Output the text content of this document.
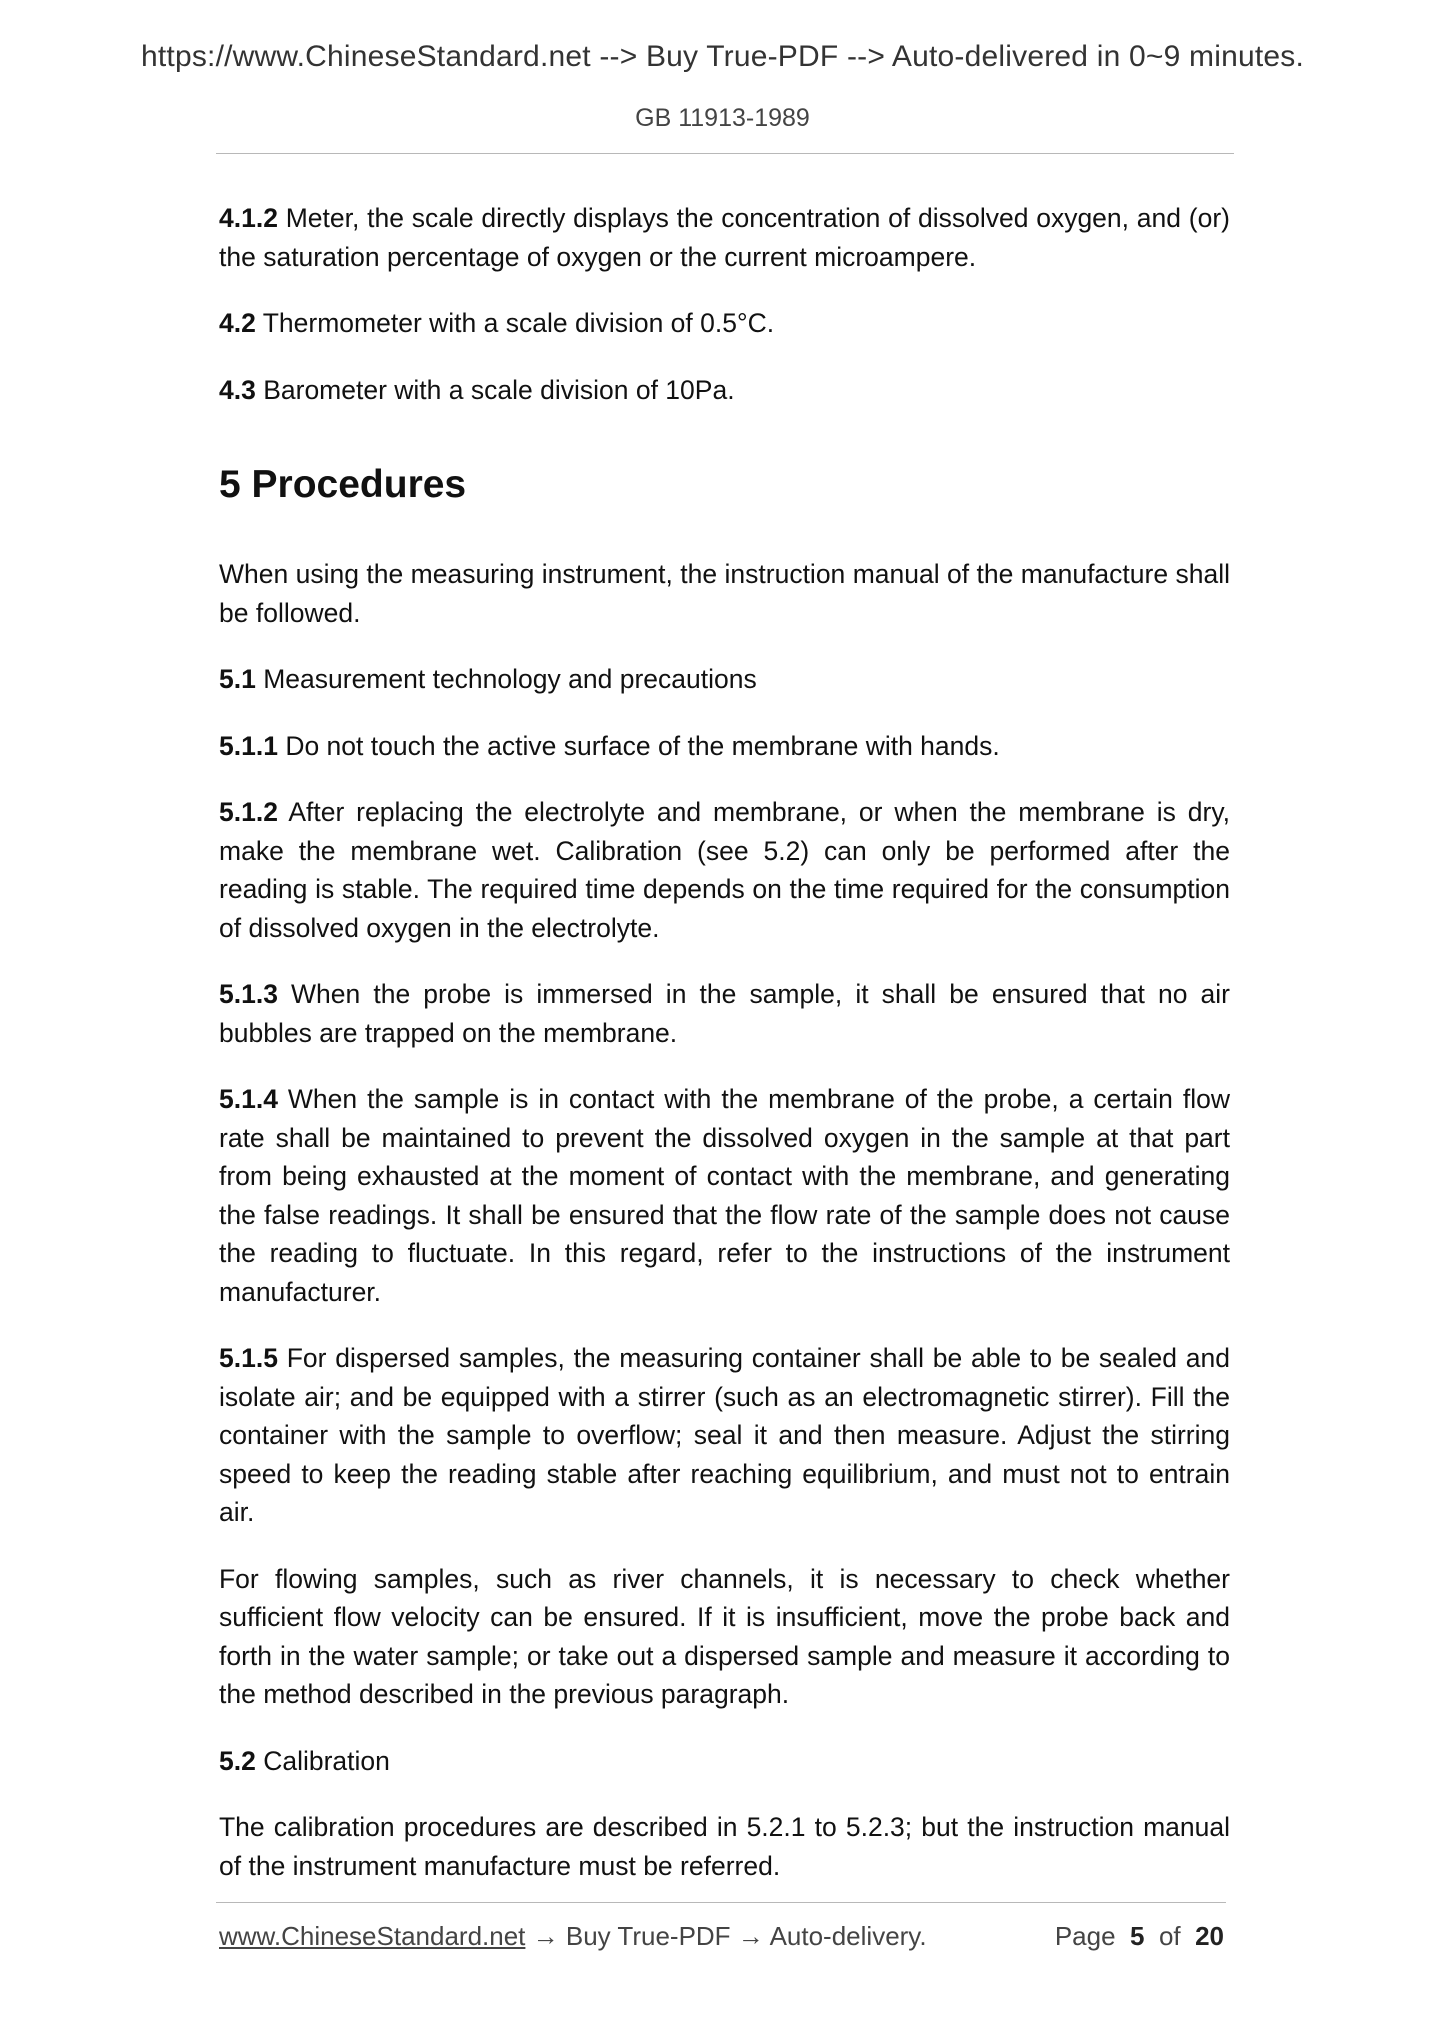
https://www.ChineseStandard.net --> Buy True-PDF --> Auto-delivered in 0~9 minutes.
GB 11913-1989

4.1.2 Meter, the scale directly displays the concentration of dissolved oxygen, and (or) the saturation percentage of oxygen or the current microampere.

4.2 Thermometer with a scale division of 0.5°C.

4.3 Barometer with a scale division of 10Pa.

5 Procedures

When using the measuring instrument, the instruction manual of the manufacture shall be followed.

5.1 Measurement technology and precautions

5.1.1 Do not touch the active surface of the membrane with hands.

5.1.2 After replacing the electrolyte and membrane, or when the membrane is dry, make the membrane wet. Calibration (see 5.2) can only be performed after the reading is stable. The required time depends on the time required for the consumption of dissolved oxygen in the electrolyte.

5.1.3 When the probe is immersed in the sample, it shall be ensured that no air bubbles are trapped on the membrane.

5.1.4 When the sample is in contact with the membrane of the probe, a certain flow rate shall be maintained to prevent the dissolved oxygen in the sample at that part from being exhausted at the moment of contact with the membrane, and generating the false readings. It shall be ensured that the flow rate of the sample does not cause the reading to fluctuate. In this regard, refer to the instructions of the instrument manufacturer.

5.1.5 For dispersed samples, the measuring container shall be able to be sealed and isolate air; and be equipped with a stirrer (such as an electromagnetic stirrer). Fill the container with the sample to overflow; seal it and then measure. Adjust the stirring speed to keep the reading stable after reaching equilibrium, and must not to entrain air.

For flowing samples, such as river channels, it is necessary to check whether sufficient flow velocity can be ensured. If it is insufficient, move the probe back and forth in the water sample; or take out a dispersed sample and measure it according to the method described in the previous paragraph.

5.2 Calibration

The calibration procedures are described in 5.2.1 to 5.2.3; but the instruction manual of the instrument manufacture must be referred.

www.ChineseStandard.net → Buy True-PDF → Auto-delivery.	Page 5 of 20
